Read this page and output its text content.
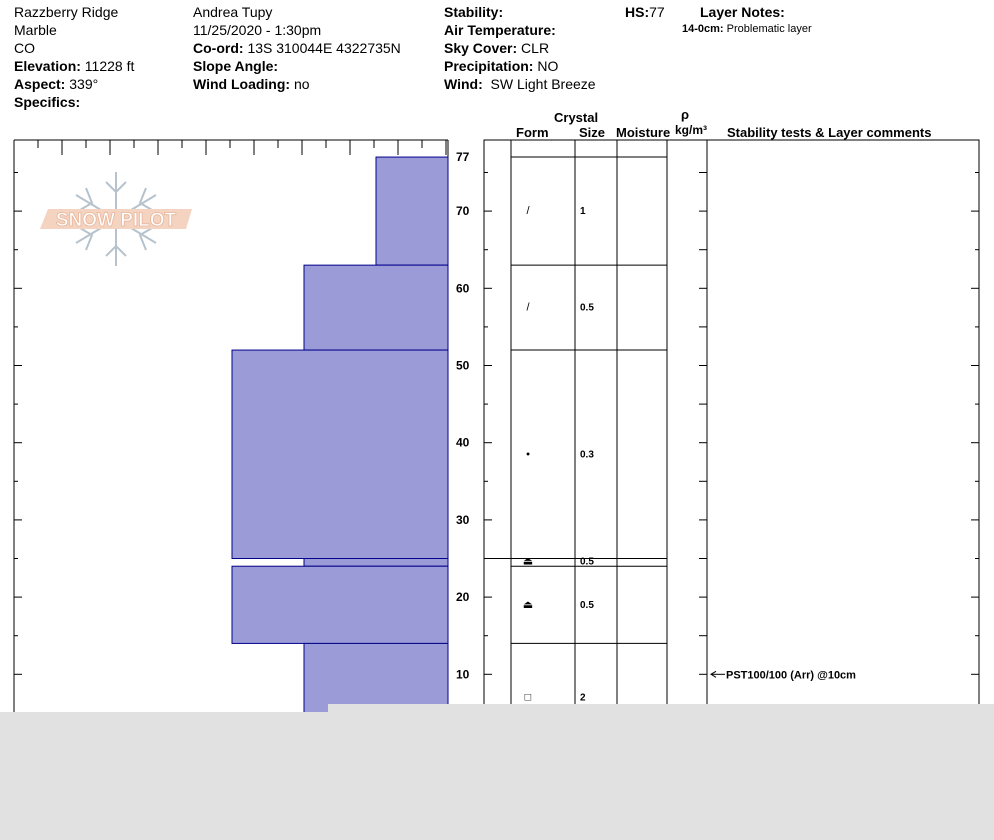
Razzberry Ridge
Marble
CO
Elevation: 11228 ft
Aspect: 339°
Specifics:
Andrea Tupy
11/25/2020 - 1:30pm
Co-ord: 13S 310044E 4322735N
Slope Angle:
Wind Loading: no
Stability:
Air Temperature:
Sky Cover: CLR
Precipitation: NO
Wind: SW Light Breeze
HS:77	Layer Notes:
14-0cm: Problematic layer
Crystal
Form Size Moisture
ρ
kg/m³ Stability tests & Layer comments
SNOW PILOT
10
20
30
40
50
60
70
77
/	1
/	0.5
•	0.3
⏏	0.5
⏏	0.5
□	2
PST100/100 (Arr) @10cm
